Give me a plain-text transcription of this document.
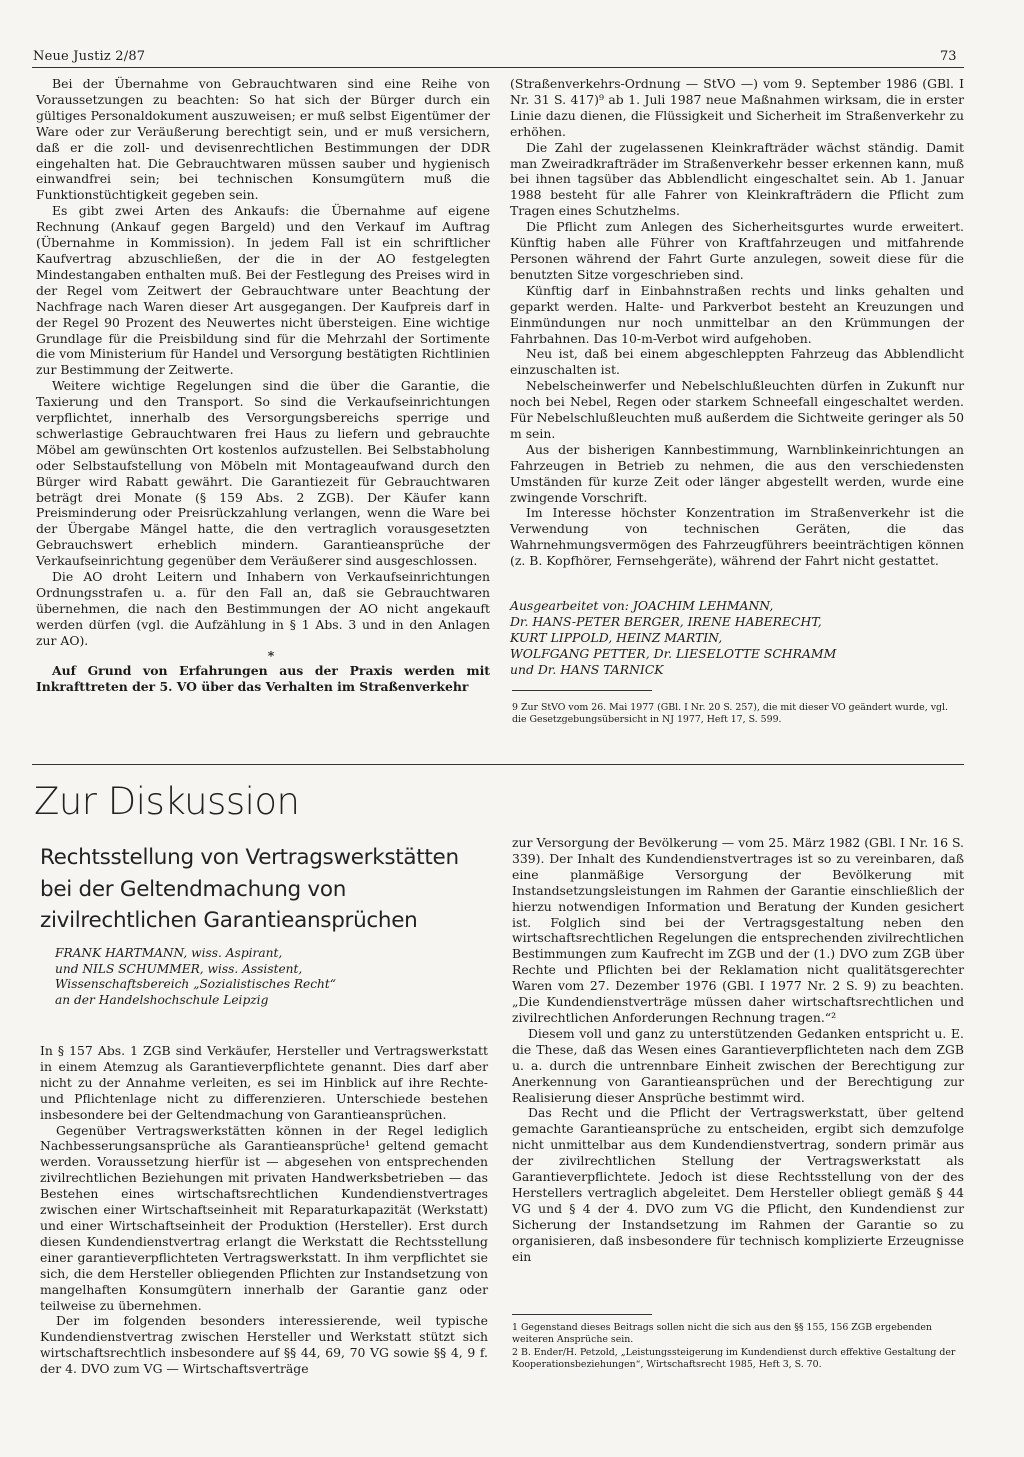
Neue Justiz 2/87	73

Bei der Übernahme von Gebrauchtwaren sind eine Reihe von Voraussetzungen zu beachten: So hat sich der Bürger durch ein gültiges Personaldokument auszuweisen; er muß selbst Eigentümer der Ware oder zur Veräußerung berechtigt sein, und er muß versichern, daß er die zoll- und devisenrechtlichen Bestimmungen der DDR eingehalten hat. Die Gebrauchtwaren müssen sauber und hygienisch einwandfrei sein; bei technischen Konsumgütern muß die Funktionstüchtigkeit gegeben sein.

Es gibt zwei Arten des Ankaufs: die Übernahme auf eigene Rechnung (Ankauf gegen Bargeld) und den Verkauf im Auftrag (Übernahme in Kommission). In jedem Fall ist ein schriftlicher Kaufvertrag abzuschließen, der die in der AO festgelegten Mindestangaben enthalten muß. Bei der Festlegung des Preises wird in der Regel vom Zeitwert der Gebrauchtware unter Beachtung der Nachfrage nach Waren dieser Art ausgegangen. Der Kaufpreis darf in der Regel 90 Prozent des Neuwertes nicht übersteigen. Eine wichtige Grundlage für die Preisbildung sind für die Mehrzahl der Sortimente die vom Ministerium für Handel und Versorgung bestätigten Richtlinien zur Bestimmung der Zeitwerte.

Weitere wichtige Regelungen sind die über die Garantie, die Taxierung und den Transport. So sind die Verkaufseinrichtungen verpflichtet, innerhalb des Versorgungsbereichs sperrige und schwerlastige Gebrauchtwaren frei Haus zu liefern und gebrauchte Möbel am gewünschten Ort kostenlos aufzustellen. Bei Selbstabholung oder Selbstaufstellung von Möbeln mit Montageaufwand durch den Bürger wird Rabatt gewährt. Die Garantiezeit für Gebrauchtwaren beträgt drei Monate (§ 159 Abs. 2 ZGB). Der Käufer kann Preisminderung oder Preisrückzahlung verlangen, wenn die Ware bei der Übergabe Mängel hatte, die den vertraglich vorausgesetzten Gebrauchswert erheblich mindern. Garantieansprüche der Verkaufseinrichtung gegenüber dem Veräußerer sind ausgeschlossen.

Die AO droht Leitern und Inhabern von Verkaufseinrichtungen Ordnungsstrafen u. a. für den Fall an, daß sie Gebrauchtwaren übernehmen, die nach den Bestimmungen der AO nicht angekauft werden dürfen (vgl. die Aufzählung in § 1 Abs. 3 und in den Anlagen zur AO).

*

Auf Grund von Erfahrungen aus der Praxis werden mit Inkrafttreten der 5. VO über das Verhalten im Straßenverkehr

(Straßenverkehrs-Ordnung — StVO —) vom 9. September 1986 (GBl. I Nr. 31 S. 417)⁹ ab 1. Juli 1987 neue Maßnahmen wirksam, die in erster Linie dazu dienen, die Flüssigkeit und Sicherheit im Straßenverkehr zu erhöhen.

Die Zahl der zugelassenen Kleinkrafträder wächst ständig. Damit man Zweiradkrafträder im Straßenverkehr besser erkennen kann, muß bei ihnen tagsüber das Abblendlicht eingeschaltet sein. Ab 1. Januar 1988 besteht für alle Fahrer von Kleinkrafträdern die Pflicht zum Tragen eines Schutzhelms.

Die Pflicht zum Anlegen des Sicherheitsgurtes wurde erweitert. Künftig haben alle Führer von Kraftfahrzeugen und mitfahrende Personen während der Fahrt Gurte anzulegen, soweit diese für die benutzten Sitze vorgeschrieben sind.

Künftig darf in Einbahnstraßen rechts und links gehalten und geparkt werden. Halte- und Parkverbot besteht an Kreuzungen und Einmündungen nur noch unmittelbar an den Krümmungen der Fahrbahnen. Das 10-m-Verbot wird aufgehoben.

Neu ist, daß bei einem abgeschleppten Fahrzeug das Abblendlicht einzuschalten ist.

Nebelscheinwerfer und Nebelschlußleuchten dürfen in Zukunft nur noch bei Nebel, Regen oder starkem Schneefall eingeschaltet werden. Für Nebelschlußleuchten muß außerdem die Sichtweite geringer als 50 m sein.

Aus der bisherigen Kannbestimmung, Warnblinkeinrichtungen an Fahrzeugen in Betrieb zu nehmen, die aus den verschiedensten Umständen für kurze Zeit oder länger abgestellt werden, wurde eine zwingende Vorschrift.

Im Interesse höchster Konzentration im Straßenverkehr ist die Verwendung von technischen Geräten, die das Wahrnehmungsvermögen des Fahrzeugführers beeinträchtigen können (z. B. Kopfhörer, Fernsehgeräte), während der Fahrt nicht gestattet.

Ausgearbeitet von: JOACHIM LEHMANN,

Dr. HANS-PETER BERGER, IRENE HABERECHT,

KURT LIPPOLD, HEINZ MARTIN,

WOLFGANG PETTER, Dr. LIESELOTTE SCHRAMM

und Dr. HANS TARNICK

9 Zur StVO vom 26. Mai 1977 (GBl. I Nr. 20 S. 257), die mit dieser VO geändert wurde, vgl. die Gesetzgebungsübersicht in NJ 1977, Heft 17, S. 599.

Zur Diskussion
Rechtsstellung von Vertragswerkstätten
bei der Geltendmachung von
zivilrechtlichen Garantieansprüchen
FRANK HARTMANN, wiss. Aspirant,
und NILS SCHUMMER, wiss. Assistent,
Wissenschaftsbereich „Sozialistisches Recht“
an der Handelshochschule Leipzig

In § 157 Abs. 1 ZGB sind Verkäufer, Hersteller und Vertragswerkstatt in einem Atemzug als Garantieverpflichtete genannt. Dies darf aber nicht zu der Annahme verleiten, es sei im Hinblick auf ihre Rechte- und Pflichtenlage nicht zu differenzieren. Unterschiede bestehen insbesondere bei der Geltendmachung von Garantieansprüchen.

Gegenüber Vertragswerkstätten können in der Regel lediglich Nachbesserungsansprüche als Garantieansprüche¹ geltend gemacht werden. Voraussetzung hierfür ist — abgesehen von entsprechenden zivilrechtlichen Beziehungen mit privaten Handwerksbetrieben — das Bestehen eines wirtschaftsrechtlichen Kundendienstvertrages zwischen einer Wirtschaftseinheit mit Reparaturkapazität (Werkstatt) und einer Wirtschaftseinheit der Produktion (Hersteller). Erst durch diesen Kundendienstvertrag erlangt die Werkstatt die Rechtsstellung einer garantieverpflichteten Vertragswerkstatt. In ihm verpflichtet sie sich, die dem Hersteller obliegenden Pflichten zur Instandsetzung von mangelhaften Konsumgütern innerhalb der Garantie ganz oder teilweise zu übernehmen.

Der im folgenden besonders interessierende, weil typische Kundendienstvertrag zwischen Hersteller und Werkstatt stützt sich wirtschaftsrechtlich insbesondere auf §§ 44, 69, 70 VG sowie §§ 4, 9 f. der 4. DVO zum VG — Wirtschaftsverträge

zur Versorgung der Bevölkerung — vom 25. März 1982 (GBl. I Nr. 16 S. 339). Der Inhalt des Kundendienstvertrages ist so zu vereinbaren, daß eine planmäßige Versorgung der Bevölkerung mit Instandsetzungsleistungen im Rahmen der Garantie einschließlich der hierzu notwendigen Information und Beratung der Kunden gesichert ist. Folglich sind bei der Vertragsgestaltung neben den wirtschaftsrechtlichen Regelungen die entsprechenden zivilrechtlichen Bestimmungen zum Kaufrecht im ZGB und der (1.) DVO zum ZGB über Rechte und Pflichten bei der Reklamation nicht qualitätsgerechter Waren vom 27. Dezember 1976 (GBl. I 1977 Nr. 2 S. 9) zu beachten. „Die Kundendienstverträge müssen daher wirtschaftsrechtlichen und zivilrechtlichen Anforderungen Rechnung tragen.“²

Diesem voll und ganz zu unterstützenden Gedanken entspricht u. E. die These, daß das Wesen eines Garantieverpflichteten nach dem ZGB u. a. durch die untrennbare Einheit zwischen der Berechtigung zur Anerkennung von Garantieansprüchen und der Berechtigung zur Realisierung dieser Ansprüche bestimmt wird.

Das Recht und die Pflicht der Vertragswerkstatt, über geltend gemachte Garantieansprüche zu entscheiden, ergibt sich demzufolge nicht unmittelbar aus dem Kundendienstvertrag, sondern primär aus der zivilrechtlichen Stellung der Vertragswerkstatt als Garantieverpflichtete. Jedoch ist diese Rechtsstellung von der des Herstellers vertraglich abgeleitet. Dem Hersteller obliegt gemäß § 44 VG und § 4 der 4. DVO zum VG die Pflicht, den Kundendienst zur Sicherung der Instandsetzung im Rahmen der Garantie so zu organisieren, daß insbesondere für technisch komplizierte Erzeugnisse ein

1 Gegenstand dieses Beitrags sollen nicht die sich aus den §§ 155, 156 ZGB ergebenden weiteren Ansprüche sein.

2 B. Ender/H. Petzold, „Leistungssteigerung im Kundendienst durch effektive Gestaltung der Kooperationsbeziehungen“, Wirtschaftsrecht 1985, Heft 3, S. 70.
